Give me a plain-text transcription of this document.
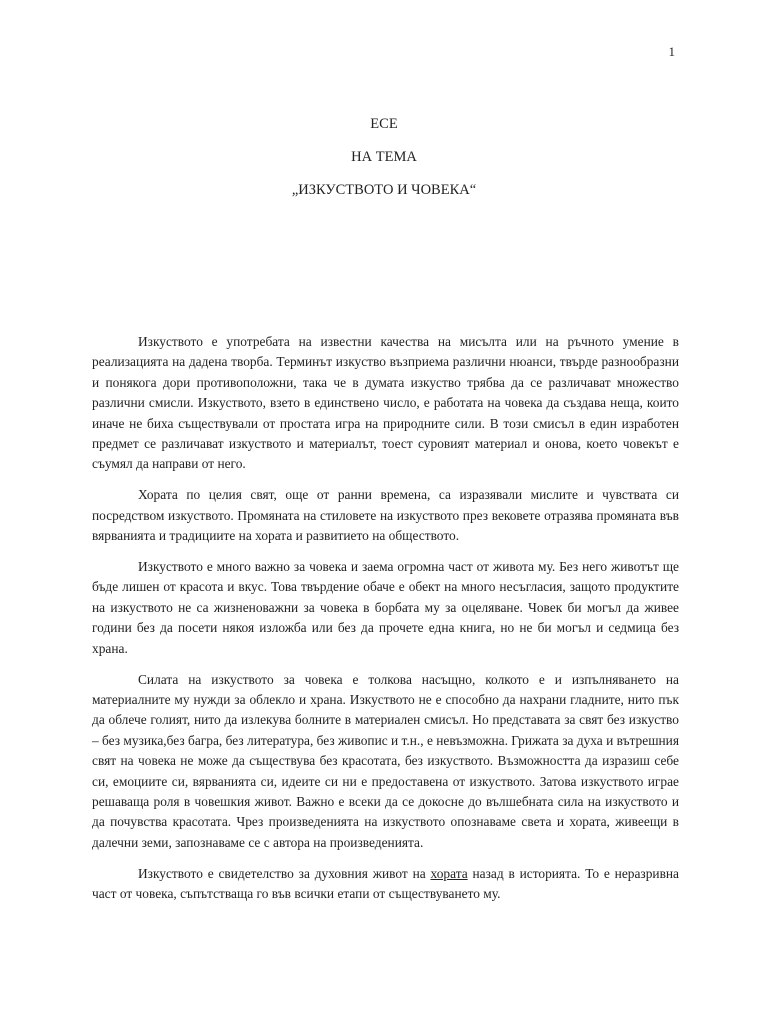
1

ЕСЕ

НА ТЕМА

„ИЗКУСТВОТО И ЧОВЕКА“

Изкуството е употребата на известни качества на мисълта или на ръчното умение в реализацията на дадена творба. Терминът изкуство възприема различни нюанси, твърде разнообразни и понякога дори противоположни, така че в думата изкуство трябва да се различават множество различни смисли. Изкуството, взето в единствено число, е работата на човека да създава неща, които иначе не биха съществували от простата игра на природните сили. В този смисъл в един изработен предмет се различават изкуството и материалът, тоест суровият материал и онова, което човекът е съумял да направи от него.

Хората по целия свят, още от ранни времена, са изразявали мислите и чувствата си посредством изкуството. Промяната на стиловете на изкуството през вековете отразява промяната във вярванията и традициите на хората и развитието на обществото.

Изкуството е много важно за човека и заема огромна част от живота му. Без него животът ще бъде лишен от красота и вкус. Това твърдение обаче е обект на много несъгласия, защото продуктите на изкуството не са жизненоважни за човека в борбата му за оцеляване. Човек би могъл да живее години без да посети някоя изложба или без да прочете една книга, но не би могъл и седмица без храна.

Силата на изкуството за човека е толкова насъщно, колкото е и изпълняването на материалните му нужди за облекло и храна. Изкуството не е способно да нахрани гладните, нито пък да облече голият, нито да излекува болните в материален смисъл. Но представата за свят без изкуство – без музика,без багра, без литература, без живопис и т.н., е невъзможна. Грижата за духа и вътрешния свят на човека не може да съществува без красотата, без изкуството. Възможността да изразиш себе си, емоциите си, вярванията си, идеите си ни е предоставена от изкуството. Затова изкуството играе решаваща роля в човешкия живот. Важно е всеки да се докосне до вълшебната сила на изкуството и да почувства красотата. Чрез произведенията на изкуството опознаваме света и хората, живеещи в далечни земи, запознаваме се с автора на произведенията.

Изкуството е свидетелство за духовния живот на хората назад в историята. То е неразривна част от човека, съпътстваща го във всички етапи от съществуването му.
